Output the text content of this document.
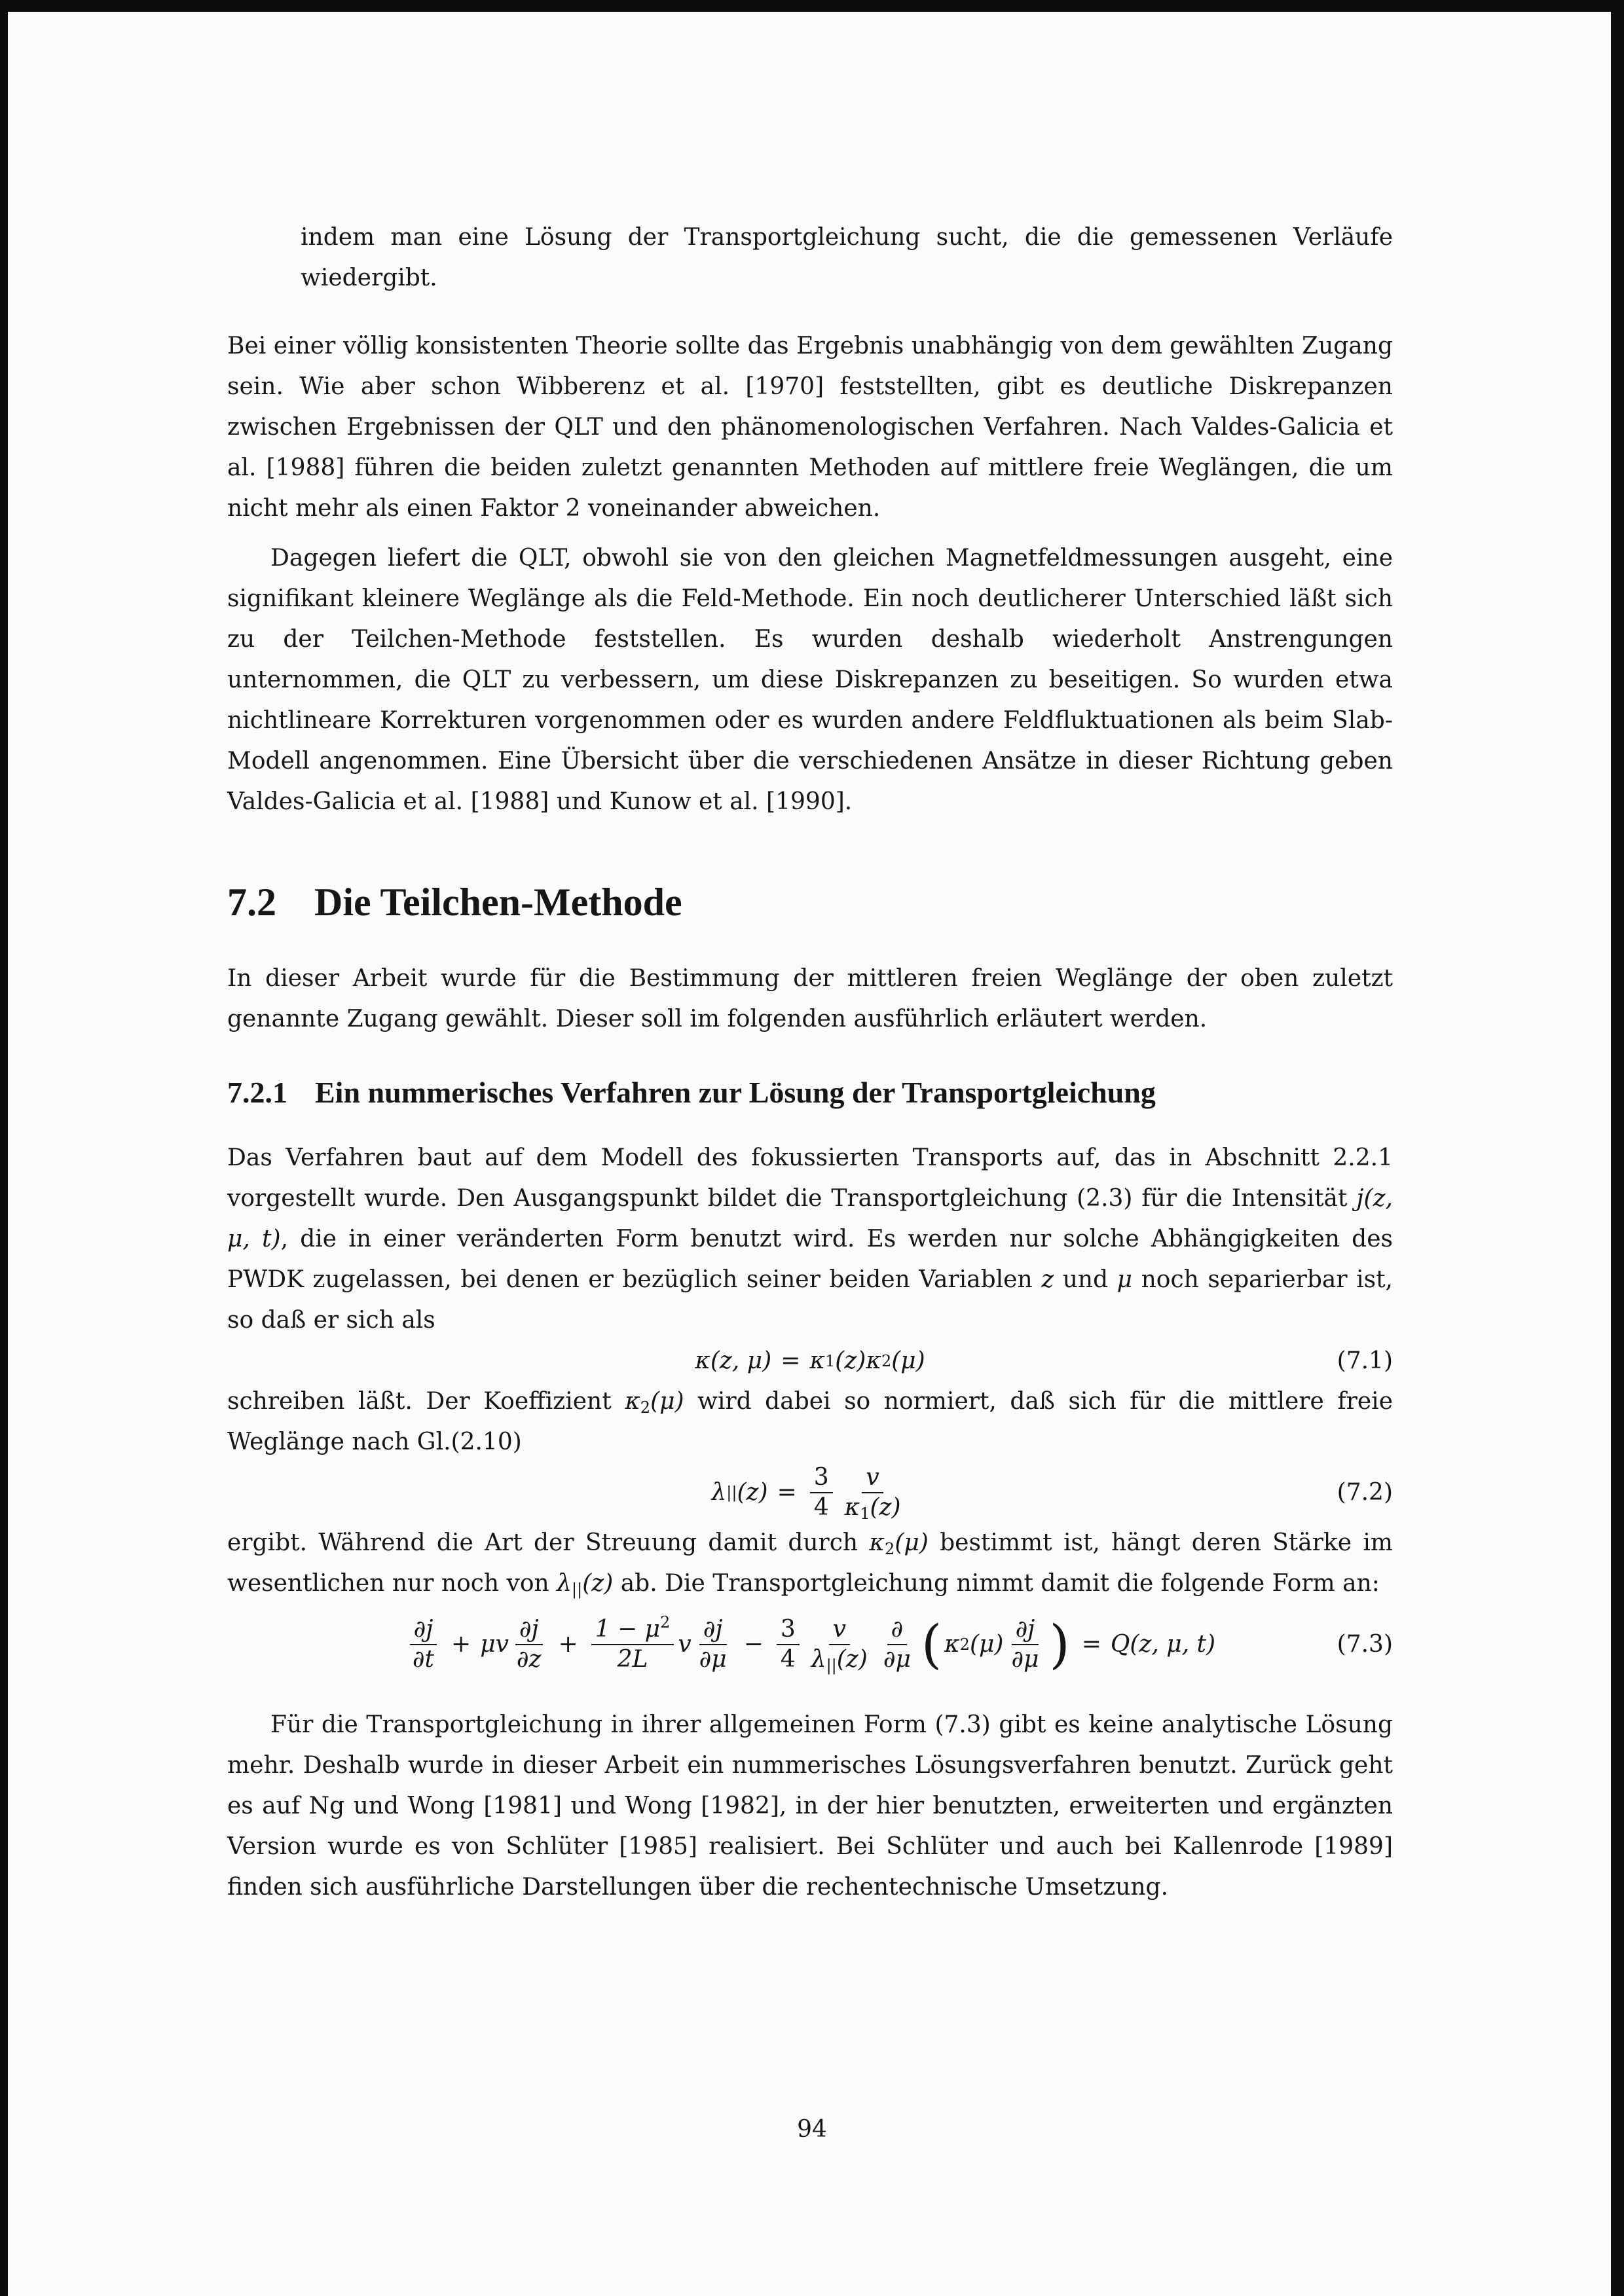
indem man eine Lösung der Transportgleichung sucht, die die gemessenen Verläufe wiedergibt.

Bei einer völlig konsistenten Theorie sollte das Ergebnis unabhängig von dem gewählten Zugang sein. Wie aber schon Wibberenz et al. [1970] feststellten, gibt es deutliche Diskrepanzen zwischen Ergebnissen der QLT und den phänomenologischen Verfahren. Nach Valdes-Galicia et al. [1988] führen die beiden zuletzt genannten Methoden auf mittlere freie Weglängen, die um nicht mehr als einen Faktor 2 voneinander abweichen.

Dagegen liefert die QLT, obwohl sie von den gleichen Magnetfeldmessungen ausgeht, eine signifikant kleinere Weglänge als die Feld-Methode. Ein noch deutlicherer Unterschied läßt sich zu der Teilchen-Methode feststellen. Es wurden deshalb wiederholt Anstrengungen unternommen, die QLT zu verbessern, um diese Diskrepanzen zu beseitigen. So wurden etwa nichtlineare Korrekturen vorgenommen oder es wurden andere Feldfluktuationen als beim Slab-Modell angenommen. Eine Übersicht über die verschiedenen Ansätze in dieser Richtung geben Valdes-Galicia et al. [1988] und Kunow et al. [1990].

7.2 Die Teilchen-Methode

In dieser Arbeit wurde für die Bestimmung der mittleren freien Weglänge der oben zuletzt genannte Zugang gewählt. Dieser soll im folgenden ausführlich erläutert werden.

7.2.1 Ein nummerisches Verfahren zur Lösung der Transportgleichung

Das Verfahren baut auf dem Modell des fokussierten Transports auf, das in Abschnitt 2.2.1 vorgestellt wurde. Den Ausgangspunkt bildet die Transportgleichung (2.3) für die Intensität j(z, μ, t), die in einer veränderten Form benutzt wird. Es werden nur solche Abhängigkeiten des PWDK zugelassen, bei denen er bezüglich seiner beiden Variablen z und μ noch separierbar ist, so daß er sich als

κ(z, μ) = κ 1 (z) κ 2 (μ)	(7.1)

schreiben läßt. Der Koeffizient $\kappa_2(\mu)$ wird dabei so normiert, daß sich für die mittlere freie Weglänge nach Gl.(2.10)

λ || $(z) = \frac{3}{4} \frac{v}{\kappa_1(z)}$	(7.2)

ergibt. Während die Art der Streuung damit durch $\kappa_2(\mu)$ bestimmt ist, hängt deren Stärke im wesentlichen nur noch von $\lambda_{||}(z)$ ab. Die Transportgleichung nimmt damit die folgende Form an:

$\frac{\partial j}{\partial t} + \mu v \frac{\partial j}{\partial z} + \frac{1 - \mu^2}{2L}$ v $\frac{\partial j}{\partial\mu} - \frac{3}{4} \frac{v}{\lambda_{||}(z)} \frac{\partial}{\partial\mu}$ ( κ 2 $(\mu) \frac{\partial j}{\partial\mu}$ ) = Q(z, μ, t)	(7.3)

Für die Transportgleichung in ihrer allgemeinen Form (7.3) gibt es keine analytische Lösung mehr. Deshalb wurde in dieser Arbeit ein nummerisches Lösungsverfahren benutzt. Zurück geht es auf Ng und Wong [1981] und Wong [1982], in der hier benutzten, erweiterten und ergänzten Version wurde es von Schlüter [1985] realisiert. Bei Schlüter und auch bei Kallenrode [1989] finden sich ausführliche Darstellungen über die rechentechnische Umsetzung.

94
